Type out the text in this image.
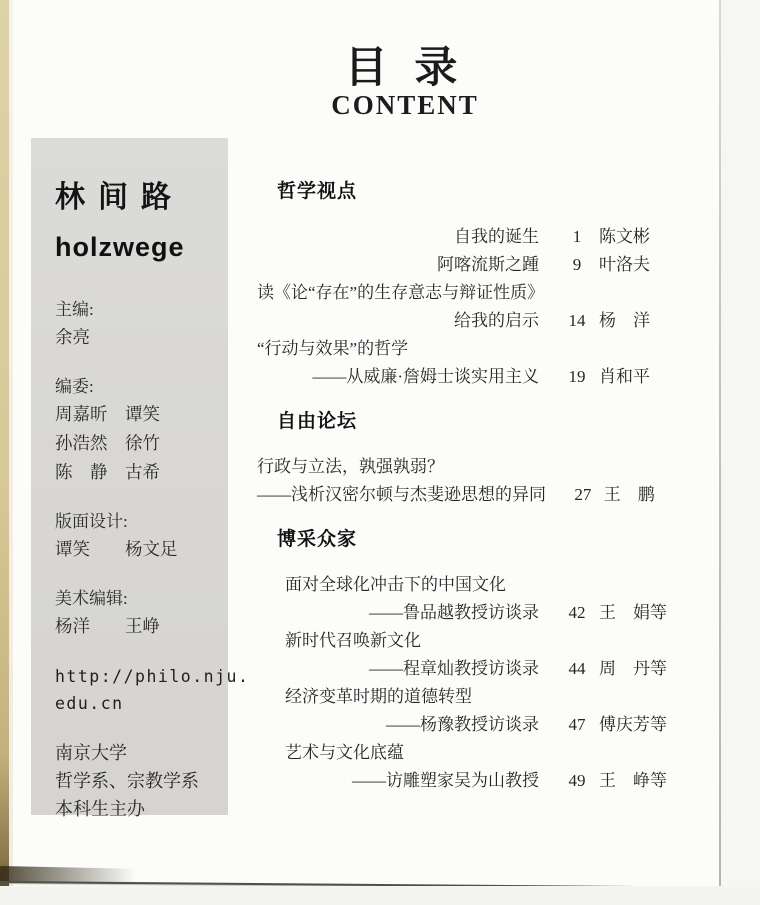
目 录
CONTENT
林间路
holzwege
主编:
余亮
编委:
周嘉昕　谭笑
孙浩然　徐竹
陈　静　古希
版面设计:
谭笑　　杨文足
美术编辑:
杨洋　　王峥
http://philo.nju.
edu.cn
南京大学
哲学系、宗教学系
本科生主办
哲学视点
自我的诞生	1	陈文彬
阿喀流斯之踵	9	叶洛夫
读《论“存在”的生存意志与辩证性质》
给我的启示	14 杨　洋
“行动与效果”的哲学
——从威廉·詹姆士谈实用主义	19 肖和平
自由论坛
行政与立法，孰强孰弱？
——浅析汉密尔顿与杰斐逊思想的异同	27 王　鹏
博采众家
面对全球化冲击下的中国文化
——鲁品越教授访谈录	42 王　娟等
新时代召唤新文化
——程章灿教授访谈录	44 周　丹等
经济变革时期的道德转型
——杨豫教授访谈录	47 傅庆芳等
艺术与文化底蕴
——访雕塑家吴为山教授	49 王　峥等
